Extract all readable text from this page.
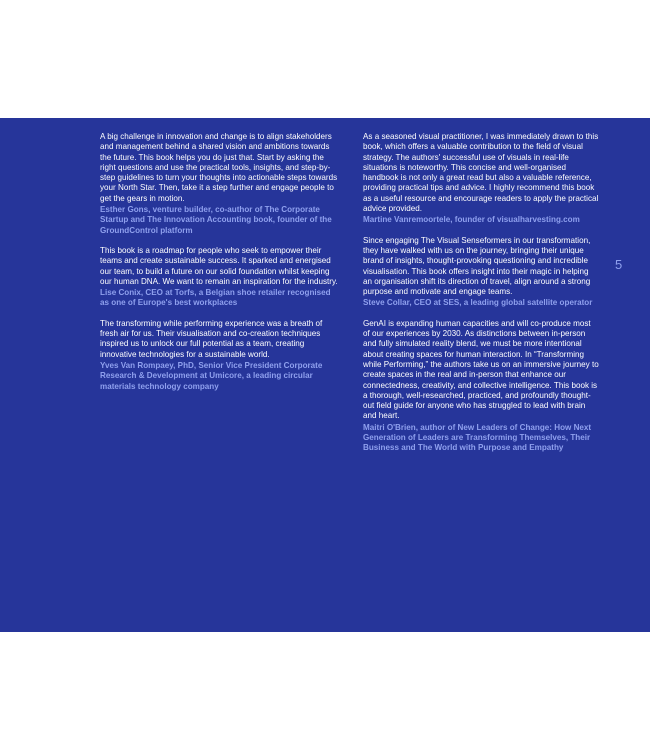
5

A big challenge in innovation and change is to align stakeholders and management behind a shared vision and ambitions towards the future. This book helps you do just that. Start by asking the right questions and use the practical tools, insights, and step-by-step guidelines to turn your thoughts into actionable steps towards your North Star. Then, take it a step further and engage people to get the gears in motion.

Esther Gons, venture builder, co-author of The Corporate Startup and The Innovation Accounting book, founder of the GroundControl platform

This book is a roadmap for people who seek to empower their teams and create sustainable success. It sparked and energised our team, to build a future on our solid foundation whilst keeping our human DNA. We want to remain an inspiration for the industry.

Lise Conix, CEO at Torfs, a Belgian shoe retailer recognised as one of Europe's best workplaces

The transforming while performing experience was a breath of fresh air for us. Their visualisation and co-creation techniques inspired us to unlock our full potential as a team, creating innovative technologies for a sustainable world.

Yves Van Rompaey, PhD, Senior Vice President Corporate Research & Development at Umicore, a leading circular materials technology company

As a seasoned visual practitioner, I was immediately drawn to this book, which offers a valuable contribution to the field of visual strategy. The authors' successful use of visuals in real-life situations is noteworthy. This concise and well-organised handbook is not only a great read but also a valuable reference, providing practical tips and advice. I highly recommend this book as a useful resource and encourage readers to apply the practical advice provided.

Martine Vanremoortele, founder of visualharvesting.com

Since engaging The Visual Senseformers in our transformation, they have walked with us on the journey, bringing their unique brand of insights, thought-provoking questioning and incredible visualisation. This book offers insight into their magic in helping an organisation shift its direction of travel, align around a strong purpose and motivate and engage teams.

Steve Collar, CEO at SES, a leading global satellite operator

GenAI is expanding human capacities and will co-produce most of our experiences by 2030. As distinctions between in-person and fully simulated reality blend, we must be more intentional about creating spaces for human interaction. In “Transforming while Performing,” the authors take us on an immersive journey to create spaces in the real and in-person that enhance our connectedness, creativity, and collective intelligence. This book is a thorough, well-researched, practiced, and profoundly thought-out field guide for anyone who has struggled to lead with brain and heart.

Maitri O'Brien, author of New Leaders of Change: How Next Generation of Leaders are Transforming Themselves, Their Business and The World with Purpose and Empathy
